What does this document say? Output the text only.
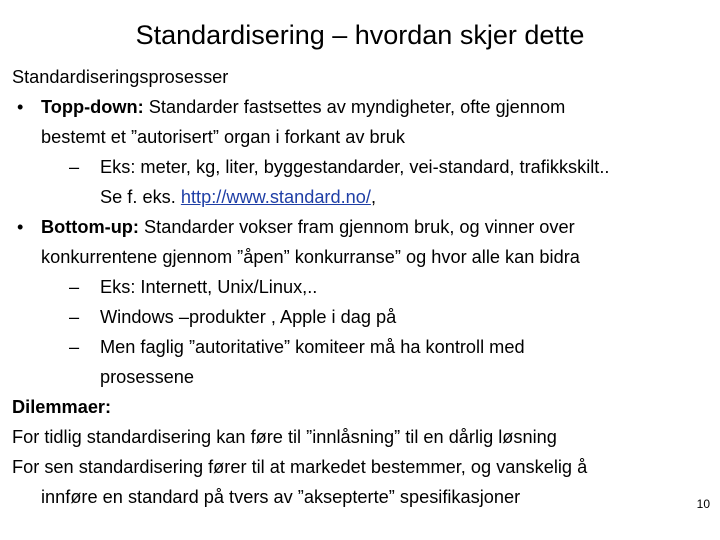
Standardisering – hvordan skjer dette
Standardiseringsprosesser
• Topp-down: Standarder fastsettes av myndigheter, ofte gjennom
bestemt et ”autorisert” organ i forkant av bruk
– Eks: meter, kg, liter, byggestandarder, vei-standard, trafikkskilt..
Se f. eks. http://www.standard.no/,
• Bottom-up: Standarder vokser fram gjennom bruk, og vinner over
konkurrentene gjennom ”åpen” konkurranse” og hvor alle kan bidra
– Eks: Internett, Unix/Linux,..
– Windows –produkter , Apple i dag på
– Men faglig ”autoritative” komiteer må ha kontroll med
prosessene
Dilemmaer:
For tidlig standardisering kan føre til ”innlåsning” til en dårlig løsning
For sen standardisering fører til at markedet bestemmer, og vanskelig å
innføre en standard på tvers av ”aksepterte” spesifikasjoner	10
